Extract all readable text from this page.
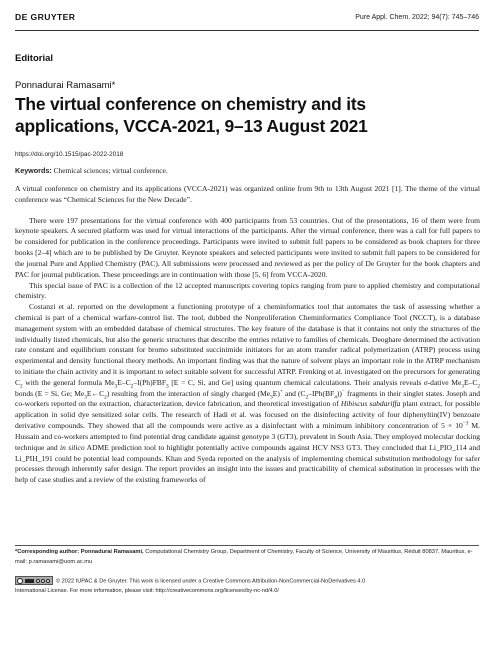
DE GRUYTER	Pure Appl. Chem. 2022; 94(7): 745–746
Editorial
Ponnadurai Ramasami*
The virtual conference on chemistry and its applications, VCCA-2021, 9–13 August 2021
https://doi.org/10.1515/pac-2022-2018
Keywords: Chemical sciences; virtual conference.

A virtual conference on chemistry and its applications (VCCA-2021) was organized online from 9th to 13th August 2021 [1]. The theme of the virtual conference was “Chemical Sciences for the New Decade”.

There were 197 presentations for the virtual conference with 400 participants from 53 countries. Out of the presentations, 16 of them were from keynote speakers. A secured platform was used for virtual interactions of the participants. After the virtual conference, there was a call for full papers to be considered for publication in the conference proceedings. Participants were invited to submit full papers to be considered as book chapters for three books [2–4] which are to be published by De Gruyter. Keynote speakers and selected participants were invited to submit full papers to be considered for the journal Pure and Applied Chemistry (PAC). All submissions were processed and reviewed as per the policy of De Gruyter for the book chapters and PAC for journal publication. These proceedings are in continuation with those [5, 6] from VCCA-2020.

This special issue of PAC is a collection of the 12 accepted manuscripts covering topics ranging from pure to applied chemistry and computational chemistry.

Costanzi et al. reported on the development a functioning prototype of a cheminformatics tool that automates the task of assessing whether a chemical is part of a chemical warfare-control list. The tool, dubbed the Nonproliferation Cheminformatics Compliance Tool (NCCT), is a database management system with an embedded database of chemical structures. The key feature of the database is that it contains not only the structures of the individually listed chemicals, but also the generic structures that describe the entries relative to families of chemicals. Deoghare determined the activation rate constant and equilibrium constant for bromo substituted succinimide initiators for an atom transfer radical polymerization (ATRP) process using experimental and density functional theory methods. An important finding was that the nature of solvent plays an important role in the ATRP mechanism to initiate the chain activity and it is important to select suitable solvent for successful ATRP. Frenking et al. investigated on the precursors for generating $C_2$ with the general formula $Me_3E-C_2-I(Ph)FBF_3$ [E = C, Si, and Ge] using quantum chemical calculations. Their analysis reveals σ-dative $Me_3E-C_2$ bonds (E = Si, Ge; $Me_3E\leftarrow C_2$) resulting from the interaction of singly charged $(Me_3E)^+$ and $(C_2-IPh(BF_4))^-$ fragments in their singlet states. Joseph and co-workers reported on the extraction, characterization, device fabrication, and theoretical investigation of Hibiscus sabdariffa plant extract, for possible application in solid dye sensitized solar cells. The research of Hadi et al. was focused on the disinfecting activity of four diphenyltin(IV) benzoate derivative compounds. They showed that all the compounds were active as a disinfectant with a minimum inhibitory concentration of $5 \times 10^{-3}$ M. Hussain and co-workers attempted to find potential drug candidate against genotype 3 (GT3), prevalent in South Asia. They employed molecular docking technique and in silico ADME prediction tool to highlight potentially active compounds against HCV NS3 GT3. They concluded that Li_PIO_114 and Li_PIH_191 could be potential lead compounds. Khan and Syeda reported on the analysis of implementing chemical substitution methodology for safer processes through inherently safer design. The report provides an insight into the issues and practicability of chemical substitution in processes with the help of case studies and a review of the existing frameworks of

*Corresponding author: Ponnadurai Ramasami, Computational Chemistry Group, Department of Chemistry, Faculty of Science, University of Mauritius, Réduit 80837, Mauritius, e-mail: p.ramasami@uom.ac.mu
© 2022 IUPAC & De Gruyter. This work is licensed under a Creative Commons Attribution-NonCommercial-NoDerivatives 4.0
International License. For more information, please visit: http://creativecommons.org/licenses/by-nc-nd/4.0/
